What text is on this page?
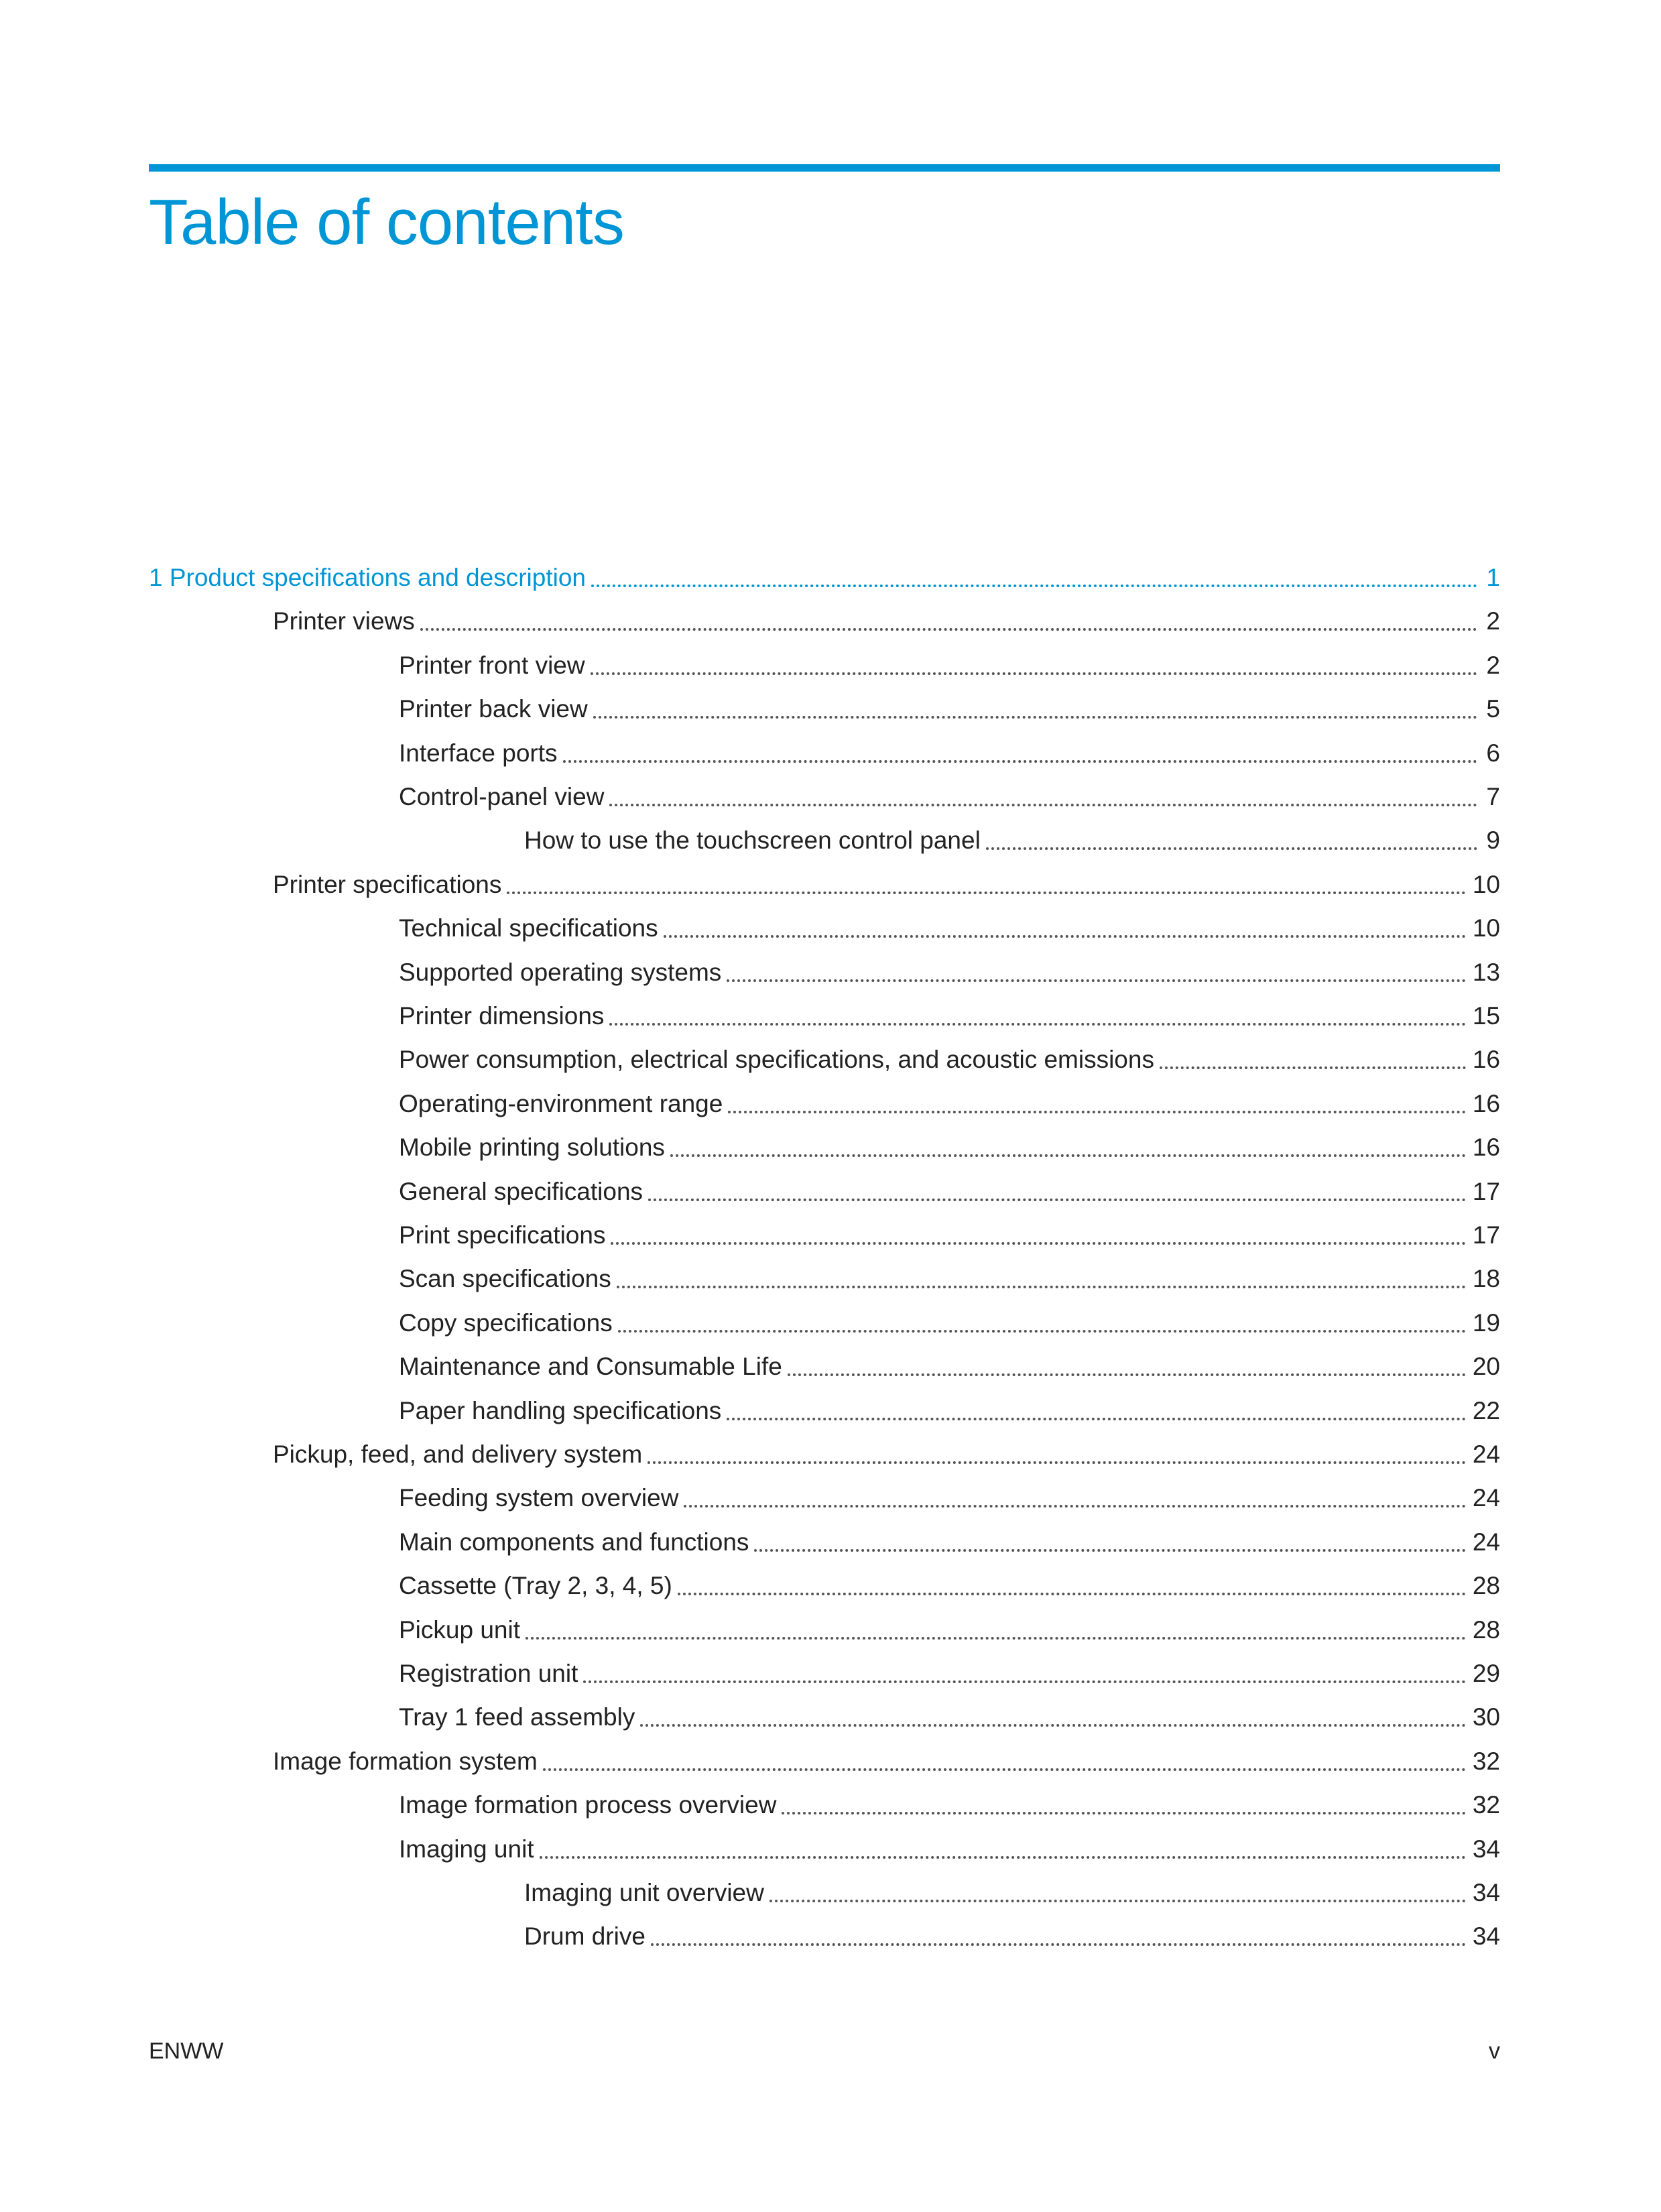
Table of contents
1 Product specifications and description	1
Printer views	2
Printer front view	2
Printer back view	5
Interface ports	6
Control-panel view	7
How to use the touchscreen control panel	9
Printer specifications	10
Technical specifications	10
Supported operating systems	13
Printer dimensions	15
Power consumption, electrical specifications, and acoustic emissions	16
Operating-environment range	16
Mobile printing solutions	16
General specifications	17
Print specifications	17
Scan specifications	18
Copy specifications	19
Maintenance and Consumable Life	20
Paper handling specifications	22
Pickup, feed, and delivery system	24
Feeding system overview	24
Main components and functions	24
Cassette (Tray 2, 3, 4, 5)	28
Pickup unit	28
Registration unit	29
Tray 1 feed assembly	30
Image formation system	32
Image formation process overview	32
Imaging unit	34
Imaging unit overview	34
Drum drive	34
ENWW	v
